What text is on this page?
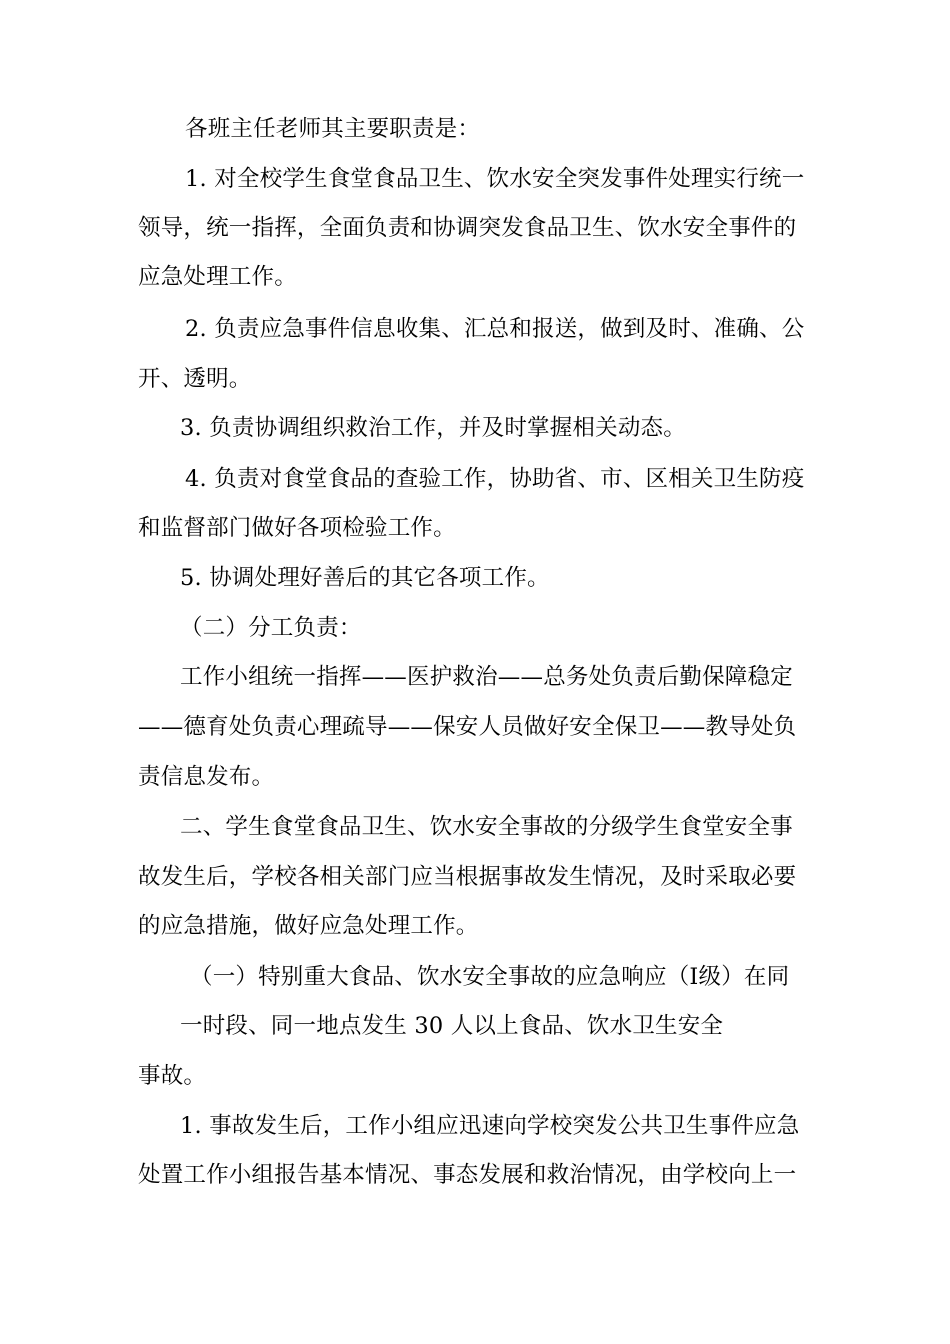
各班主任老师其主要职责是：
1. 对全校学生食堂食品卫生、饮水安全突发事件处理实行统一
领导，统一指挥，全面负责和协调突发食品卫生、饮水安全事件的
应急处理工作。
2. 负责应急事件信息收集、汇总和报送，做到及时、准确、公
开、透明。
3. 负责协调组织救治工作，并及时掌握相关动态。
4. 负责对食堂食品的查验工作，协助省、市、区相关卫生防疫
和监督部门做好各项检验工作。
5. 协调处理好善后的其它各项工作。
（二）分工负责：
工作小组统一指挥——医护救治——总务处负责后勤保障稳定
——德育处负责心理疏导——保安人员做好安全保卫——教导处负
责信息发布。
二、学生食堂食品卫生、饮水安全事故的分级学生食堂安全事
故发生后，学校各相关部门应当根据事故发生情况，及时采取必要
的应急措施，做好应急处理工作。
（一）特别重大食品、饮水安全事故的应急响应（Ⅰ级）在同
一时段、同一地点发生 30 人以上食品、饮水卫生安全
事故。
1. 事故发生后，工作小组应迅速向学校突发公共卫生事件应急
处置工作小组报告基本情况、事态发展和救治情况，由学校向上一
